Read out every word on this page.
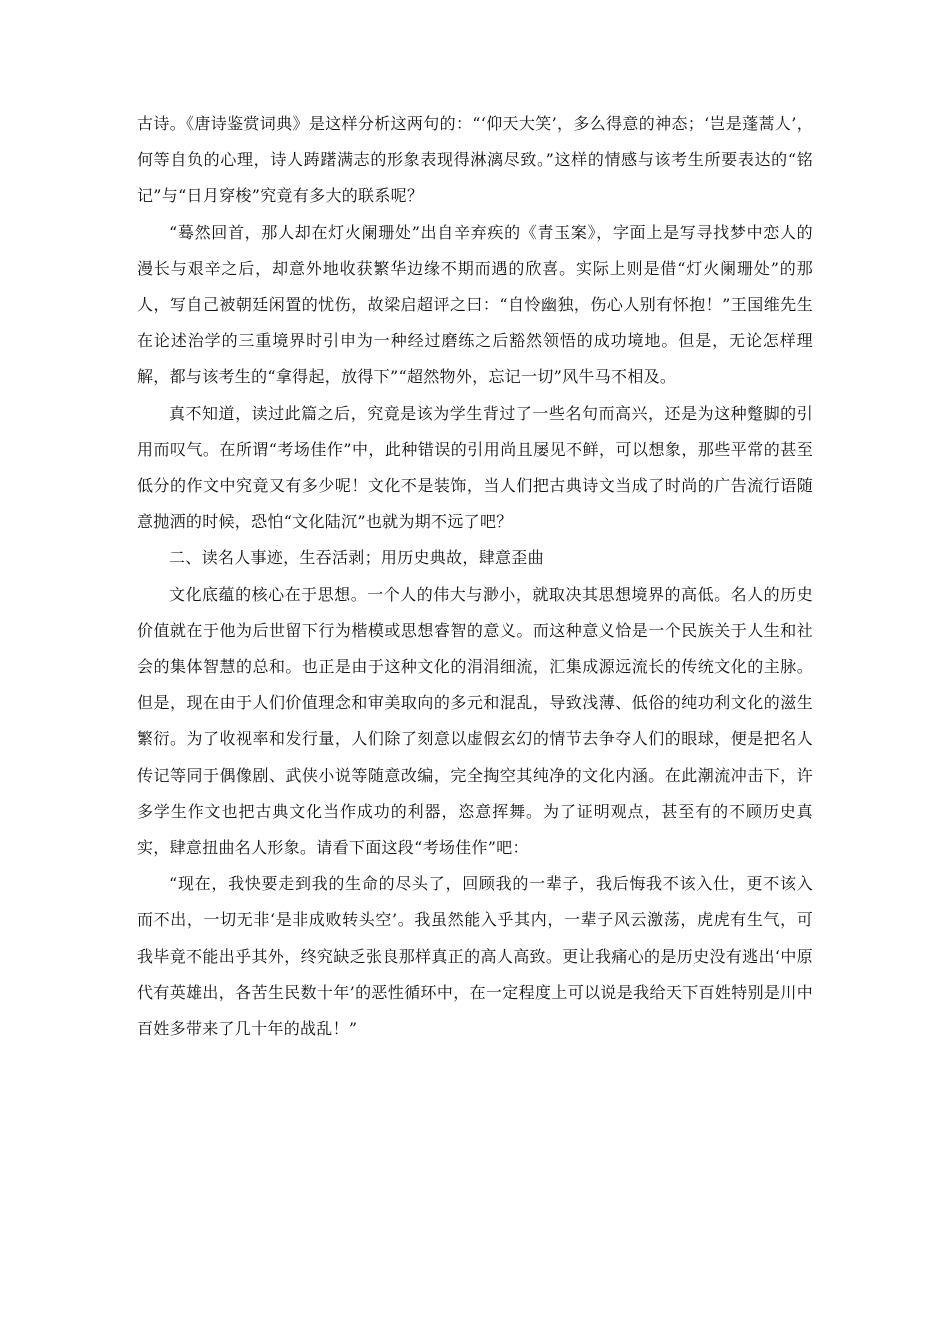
古诗。《唐诗鉴赏词典》是这样分析这两句的：“‘仰天大笑’，多么得意的神态；‘岂是蓬蒿人’，何等自负的心理，诗人踌躇满志的形象表现得淋漓尽致。”这样的情感与该考生所要表达的“铭记”与“日月穿梭”究竟有多大的联系呢？

“蓦然回首，那人却在灯火阑珊处”出自辛弃疾的《青玉案》，字面上是写寻找梦中恋人的漫长与艰辛之后，却意外地收获繁华边缘不期而遇的欣喜。实际上则是借“灯火阑珊处”的那人，写自己被朝廷闲置的忧伤，故梁启超评之曰：“自怜幽独，伤心人别有怀抱！”王国维先生在论述治学的三重境界时引申为一种经过磨练之后豁然领悟的成功境地。但是，无论怎样理解，都与该考生的“拿得起，放得下”“超然物外，忘记一切”风牛马不相及。

真不知道，读过此篇之后，究竟是该为学生背过了一些名句而高兴，还是为这种蹩脚的引用而叹气。在所谓“考场佳作”中，此种错误的引用尚且屡见不鲜，可以想象，那些平常的甚至低分的作文中究竟又有多少呢！文化不是装饰，当人们把古典诗文当成了时尚的广告流行语随意抛洒的时候，恐怕“文化陆沉”也就为期不远了吧？

二、读名人事迹，生吞活剥；用历史典故，肆意歪曲

文化底蕴的核心在于思想。一个人的伟大与渺小，就取决其思想境界的高低。名人的历史价值就在于他为后世留下行为楷模或思想睿智的意义。而这种意义恰是一个民族关于人生和社会的集体智慧的总和。也正是由于这种文化的涓涓细流，汇集成源远流长的传统文化的主脉。但是，现在由于人们价值理念和审美取向的多元和混乱，导致浅薄、低俗的纯功利文化的滋生繁衍。为了收视率和发行量，人们除了刻意以虚假玄幻的情节去争夺人们的眼球，便是把名人传记等同于偶像剧、武侠小说等随意改编，完全掏空其纯净的文化内涵。在此潮流冲击下，许多学生作文也把古典文化当作成功的利器，恣意挥舞。为了证明观点，甚至有的不顾历史真实，肆意扭曲名人形象。请看下面这段“考场佳作”吧：

“现在，我快要走到我的生命的尽头了，回顾我的一辈子，我后悔我不该入仕，更不该入而不出，一切无非‘是非成败转头空’。我虽然能入乎其内，一辈子风云激荡，虎虎有生气，可我毕竟不能出乎其外，终究缺乏张良那样真正的高人高致。更让我痛心的是历史没有逃出‘中原代有英雄出，各苦生民数十年’的恶性循环中，在一定程度上可以说是我给天下百姓特别是川中百姓多带来了几十年的战乱！”
